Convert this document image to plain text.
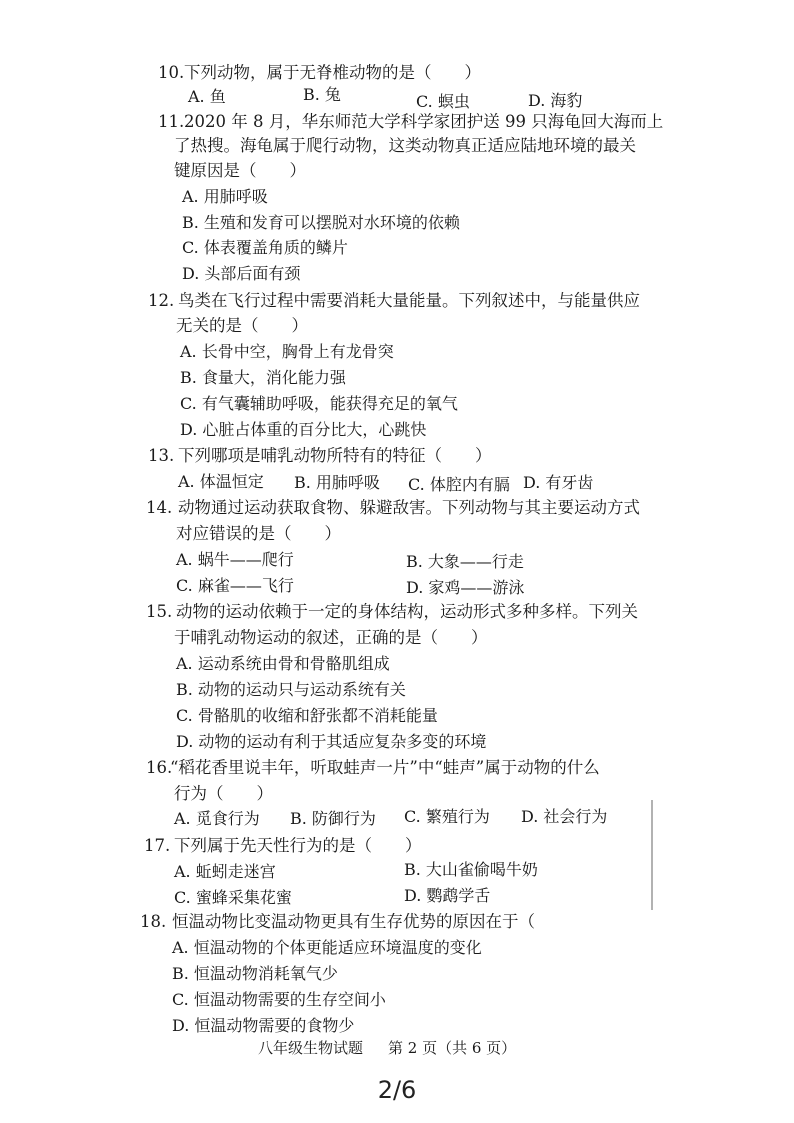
10. 下列动物，属于无脊椎动物的是（　　）
A. 鱼	B. 兔	C. 螟虫	D. 海豹
11. 2020 年 8 月，华东师范大学科学家团护送 99 只海龟回大海而上
了热搜。海龟属于爬行动物，这类动物真正适应陆地环境的最关
键原因是（　　）
A. 用肺呼吸
B. 生殖和发育可以摆脱对水环境的依赖
C. 体表覆盖角质的鳞片
D. 头部后面有颈
12. 鸟类在飞行过程中需要消耗大量能量。下列叙述中，与能量供应
无关的是（　　）
A. 长骨中空，胸骨上有龙骨突
B. 食量大，消化能力强
C. 有气囊辅助呼吸，能获得充足的氧气
D. 心脏占体重的百分比大，心跳快
13. 下列哪项是哺乳动物所特有的特征（　　）
A. 体温恒定 B. 用肺呼吸 C. 体腔内有膈 D. 有牙齿
14. 动物通过运动获取食物、躲避敌害。下列动物与其主要运动方式
对应错误的是（　　）
A. 蜗牛——爬行	B. 大象——行走
C. 麻雀——飞行	D. 家鸡——游泳
15. 动物的运动依赖于一定的身体结构，运动形式多种多样。下列关
于哺乳动物运动的叙述，正确的是（　　）
A. 运动系统由骨和骨骼肌组成
B. 动物的运动只与运动系统有关
C. 骨骼肌的收缩和舒张都不消耗能量
D. 动物的运动有利于其适应复杂多变的环境
16.
“稻花香里说丰年，听取蛙声一片”中“蛙声”属于动物的什么
行为（　　）
A. 觅食行为 B. 防御行为 C. 繁殖行为 D. 社会行为
17. 下列属于先天性行为的是（　　）
A. 蚯蚓走迷宫	B. 大山雀偷喝牛奶
C. 蜜蜂采集花蜜	D. 鹦鹉学舌
18. 恒温动物比变温动物更具有生存优势的原因在于（
A. 恒温动物的个体更能适应环境温度的变化
B. 恒温动物消耗氧气少
C. 恒温动物需要的生存空间小
D. 恒温动物需要的食物少
八年级生物试题 第 2 页（共 6 页）
2/6
